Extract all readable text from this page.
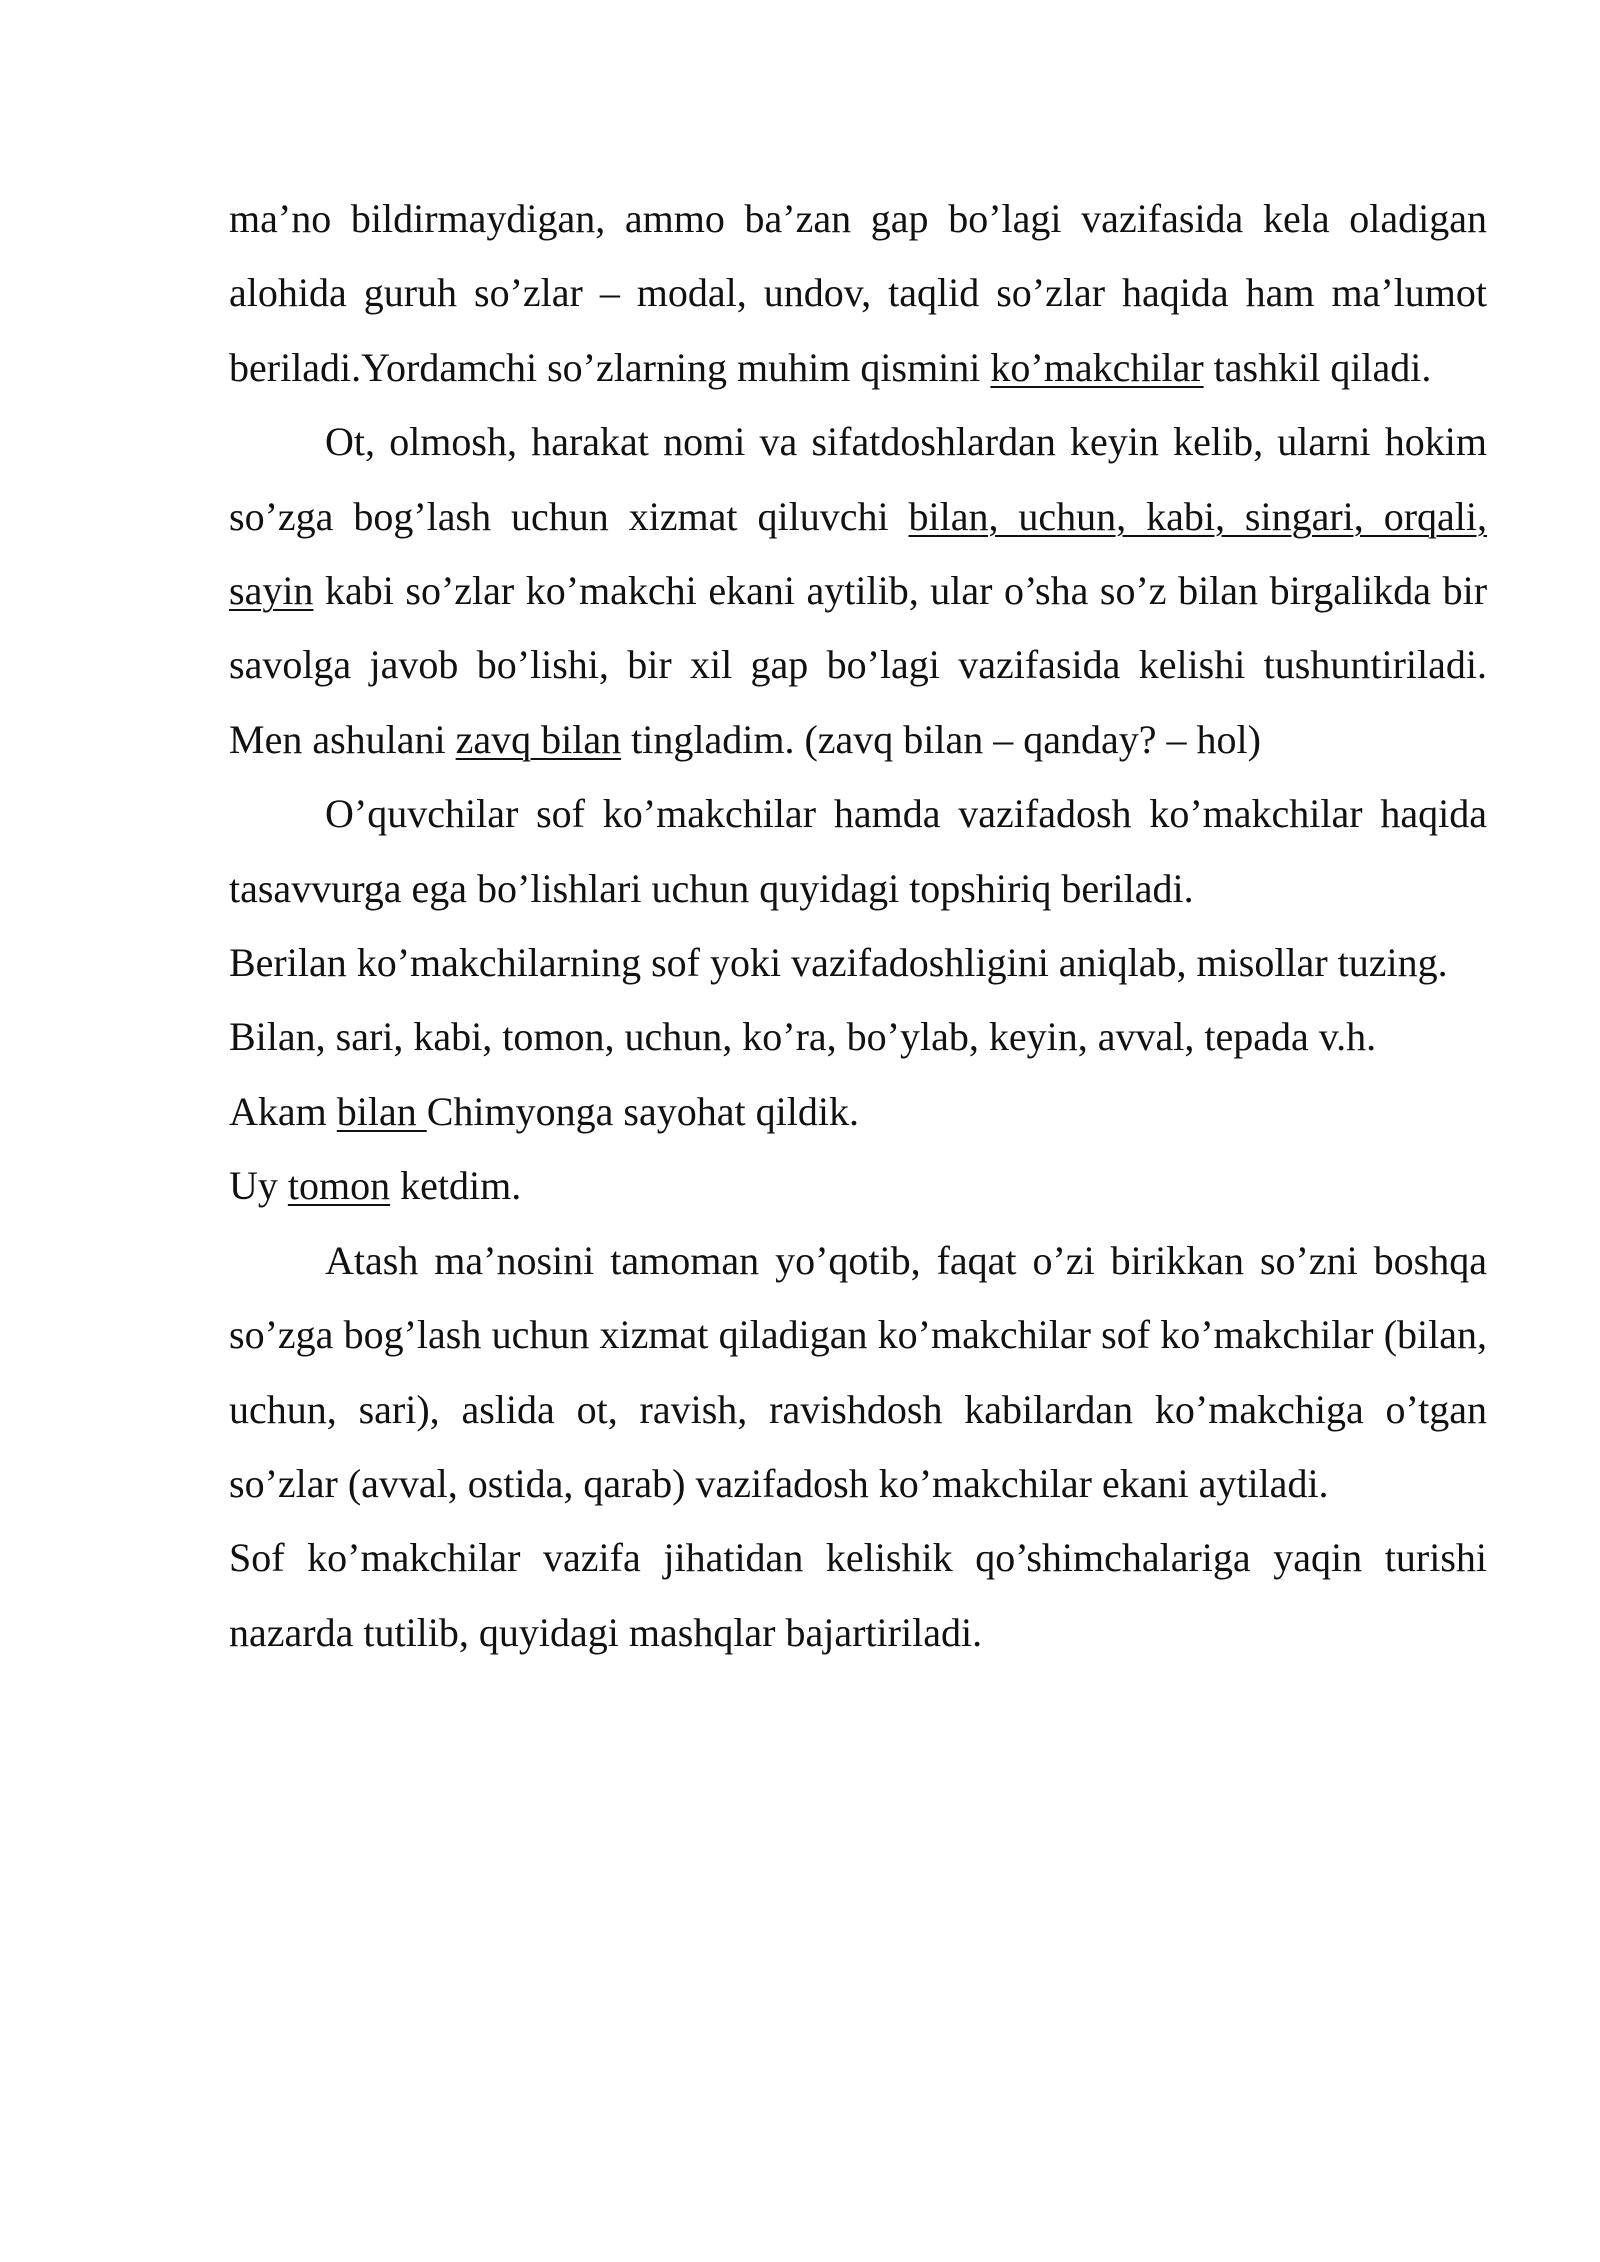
ma’no bildirmaydigan, ammo ba’zan gap bo’lagi vazifasida kela oladigan alohida guruh so’zlar – modal, undov, taqlid so’zlar haqida ham ma’lumot beriladi.Yordamchi so’zlarning muhim qismini ko’makchilar tashkil qiladi.

Ot, olmosh, harakat nomi va sifatdoshlardan keyin kelib, ularni hokim so’zga bog’lash uchun xizmat qiluvchi bilan, uchun, kabi, singari, orqali, sayin kabi so’zlar ko’makchi ekani aytilib, ular o’sha so’z bilan birgalikda bir savolga javob bo’lishi, bir xil gap bo’lagi vazifasida kelishi tushuntiriladi. Men ashulani zavq bilan tingladim. (zavq bilan – qanday? – hol)

O’quvchilar sof ko’makchilar hamda vazifadosh ko’makchilar haqida tasavvurga ega bo’lishlari uchun quyidagi topshiriq beriladi.

Berilan ko’makchilarning sof yoki vazifadoshligini aniqlab, misollar tuzing.

Bilan, sari, kabi, tomon, uchun, ko’ra, bo’ylab, keyin, avval, tepada v.h.

Akam bilan Chimyonga sayohat qildik.

Uy tomon ketdim.

Atash ma’nosini tamoman yo’qotib, faqat o’zi birikkan so’zni boshqa so’zga bog’lash uchun xizmat qiladigan ko’makchilar sof ko’makchilar (bilan, uchun, sari), aslida ot, ravish, ravishdosh kabilardan ko’makchiga o’tgan so’zlar (avval, ostida, qarab) vazifadosh ko’makchilar ekani aytiladi.

Sof ko’makchilar vazifa jihatidan kelishik qo’shimchalariga yaqin turishi nazarda tutilib, quyidagi mashqlar bajartiriladi.
